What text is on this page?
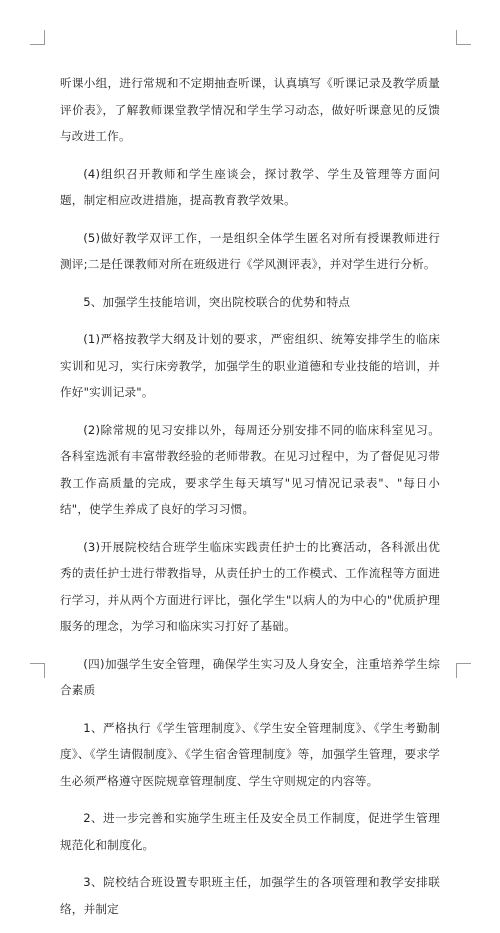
听课小组，进行常规和不定期抽查听课，认真填写《听课记录及教学质量评价表》，了解教师课堂教学情况和学生学习动态，做好听课意见的反馈与改进工作。

(4)组织召开教师和学生座谈会，探讨教学、学生及管理等方面问题，制定相应改进措施，提高教育教学效果。

(5)做好教学双评工作，一是组织全体学生匿名对所有授课教师进行测评;二是任课教师对所在班级进行《学风测评表》，并对学生进行分析。

5、加强学生技能培训，突出院校联合的优势和特点

(1)严格按教学大纲及计划的要求，严密组织、统筹安排学生的临床实训和见习，实行床旁教学，加强学生的职业道德和专业技能的培训，并作好"实训记录"。

(2)除常规的见习安排以外，每周还分别安排不同的临床科室见习。各科室选派有丰富带教经验的老师带教。在见习过程中，为了督促见习带教工作高质量的完成，要求学生每天填写"见习情况记录表"、"每日小结"，使学生养成了良好的学习习惯。

(3)开展院校结合班学生临床实践责任护士的比赛活动，各科派出优秀的责任护士进行带教指导，从责任护士的工作模式、工作流程等方面进行学习，并从两个方面进行评比，强化学生"以病人的为中心的"优质护理服务的理念，为学习和临床实习打好了基础。

(四)加强学生安全管理，确保学生实习及人身安全，注重培养学生综合素质

1、严格执行《学生管理制度》、《学生安全管理制度》、《学生考勤制度》、《学生请假制度》、《学生宿舍管理制度》等，加强学生管理，要求学生必须严格遵守医院规章管理制度、学生守则规定的内容等。

2、进一步完善和实施学生班主任及安全员工作制度，促进学生管理规范化和制度化。

3、院校结合班设置专职班主任，加强学生的各项管理和教学安排联络，并制定
